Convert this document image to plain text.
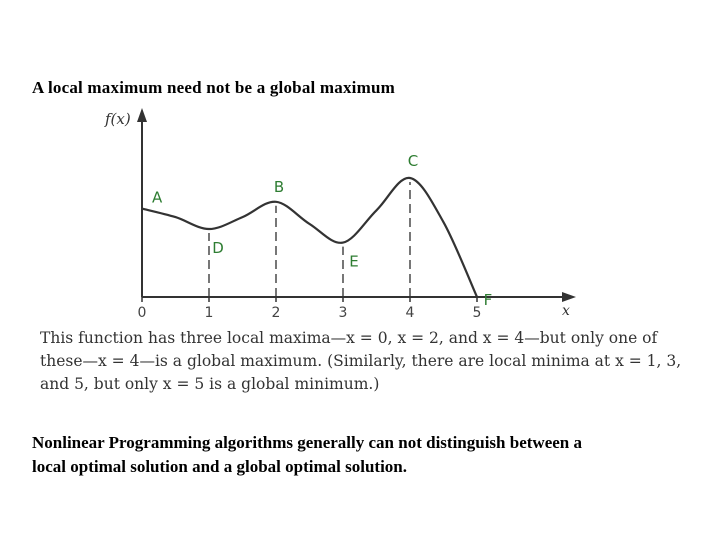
A local maximum need not be a global maximum
f(x)
x
0	1	2	3	4	5
A
B
C
D
E
F
This function has three local maxima—x = 0, x = 2, and x = 4—but only one of
these—x = 4—is a global maximum. (Similarly, there are local minima at x = 1, 3,
and 5, but only x = 5 is a global minimum.)
Nonlinear Programming algorithms generally can not distinguish between a
local optimal solution and a global optimal solution.
